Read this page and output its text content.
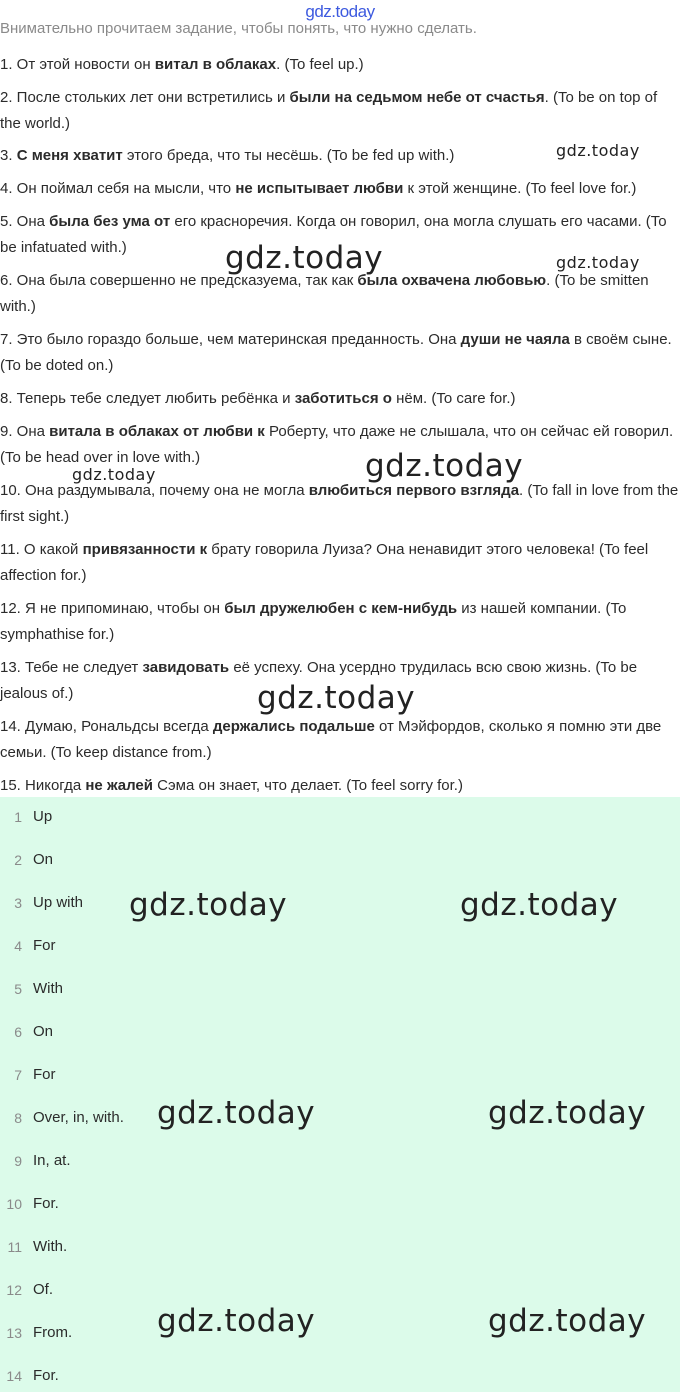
gdz.today
Внимательно прочитаем задание, чтобы понять, что нужно сделать.
1. От этой новости он витал в облаках. (To feel up.)
2. После стольких лет они встретились и были на седьмом небе от счастья. (To be on top of the world.)
3. С меня хватит этого бреда, что ты несёшь. (To be fed up with.)
4. Он поймал себя на мысли, что не испытывает любви к этой женщине. (To feel love for.)
5. Она была без ума от его красноречия. Когда он говорил, она могла слушать его часами. (To be infatuated with.)
6. Она была совершенно не предсказуема, так как была охвачена любовью. (To be smitten with.)
7. Это было гораздо больше, чем материнская преданность. Она души не чаяла в своём сыне. (To be doted on.)
8. Теперь тебе следует любить ребёнка и заботиться о нём. (To care for.)
9. Она витала в облаках от любви к Роберту, что даже не слышала, что он сейчас ей говорил. (To be head over in love with.)
10. Она раздумывала, почему она не могла влюбиться первого взгляда. (To fall in love from the first sight.)
11. О какой привязанности к брату говорила Луиза? Она ненавидит этого человека! (To feel affection for.)
12. Я не припоминаю, чтобы он был дружелюбен с кем-нибудь из нашей компании. (To symphathise for.)
13. Тебе не следует завидовать её успеху. Она усердно трудилась всю свою жизнь. (To be jealous of.)
14. Думаю, Рональдсы всегда держались подальше от Мэйфордов, сколько я помню эти две семьи. (To keep distance from.)
15. Никогда не жалей Сэма он знает, что делает. (To feel sorry for.)
1 Up
2 On
3 Up with
4 For
5 With
6 On
7 For
8 Over, in, with.
9 In, at.
10 For.
11 With.
12 Of.
13 From.
14 For.
gdz.today
gdz.today	gdz.today
gdz.today	gdz.today
gdz.today
gdz.today	gdz.today
gdz.today	gdz.today
gdz.today	gdz.today
